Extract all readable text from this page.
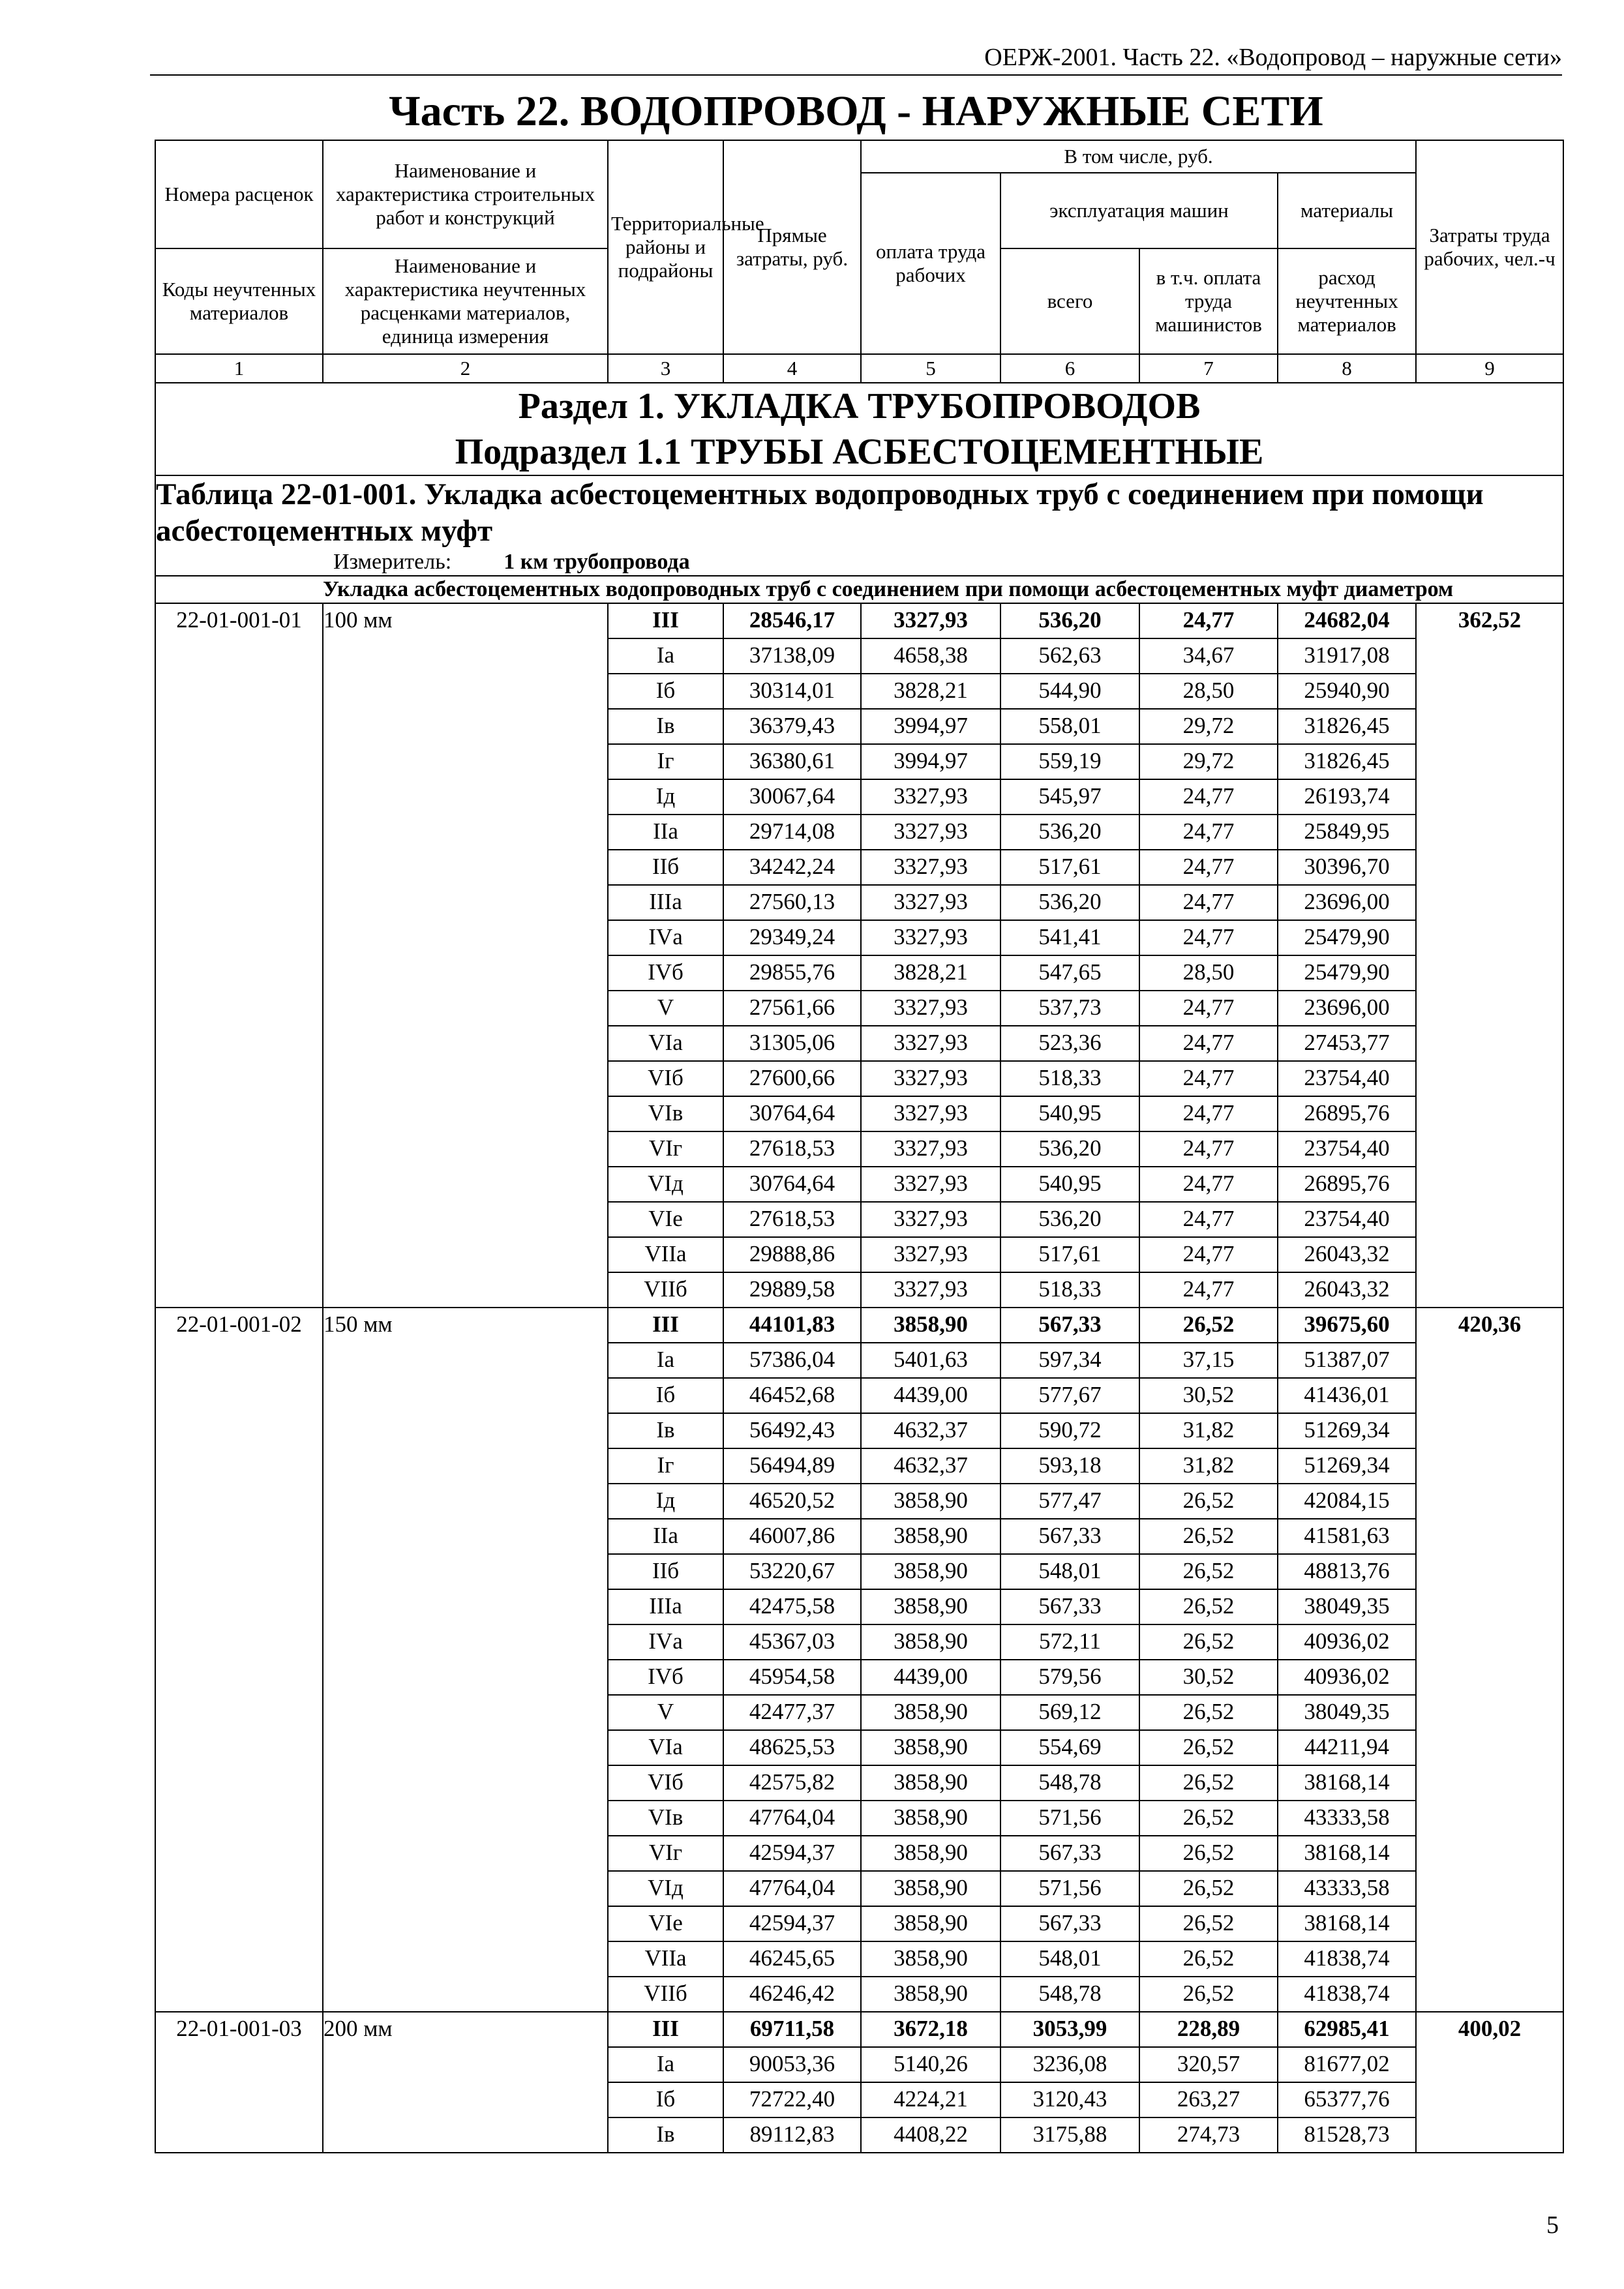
ОЕРЖ-2001. Часть 22. «Водопровод – наружные сети»
Часть 22. ВОДОПРОВОД - НАРУЖНЫЕ СЕТИ
Номера расценок	Наименование и характеристика строительных работ и конструкций	Территориальные районы и подрайоны	Прямые затраты, руб.	В том числе, руб.				Затраты труда рабочих, чел.-ч
				оплата труда рабочих	эксплуатация машин		материалы	
Коды неучтенных материалов	Наименование и характеристика неучтенных расценками материалов, единица измерения				всего	в т.ч. оплата труда машинистов	расход неучтенных материалов	
1	2	3	4	5	6	7	8	9

Раздел 1. УКЛАДКА ТРУБОПРОВОДОВ
Подраздел 1.1 ТРУБЫ АСБЕСТОЦЕМЕНТНЫЕ								

Таблица 22-01-001. Укладка асбестоцементных водопроводных труб с соединением при помощи асбестоцементных муфт
Измеритель: 1 км трубопровода								

	Укладка асбестоцементных водопроводных труб с соединением при помощи асбестоцементных муфт диаметром							
22-01-001-01	100 мм	III	28546,17	3327,93	536,20	24,77	24682,04	362,52
		Iа	37138,09	4658,38	562,63	34,67	31917,08	
		Iб	30314,01	3828,21	544,90	28,50	25940,90	
		Iв	36379,43	3994,97	558,01	29,72	31826,45	
		Iг	36380,61	3994,97	559,19	29,72	31826,45	
		Iд	30067,64	3327,93	545,97	24,77	26193,74	
		IIа	29714,08	3327,93	536,20	24,77	25849,95	
		IIб	34242,24	3327,93	517,61	24,77	30396,70	
		IIIа	27560,13	3327,93	536,20	24,77	23696,00	
		IVа	29349,24	3327,93	541,41	24,77	25479,90	
		IVб	29855,76	3828,21	547,65	28,50	25479,90	
		V	27561,66	3327,93	537,73	24,77	23696,00	
		VIа	31305,06	3327,93	523,36	24,77	27453,77	
		VIб	27600,66	3327,93	518,33	24,77	23754,40	
		VIв	30764,64	3327,93	540,95	24,77	26895,76	
		VIг	27618,53	3327,93	536,20	24,77	23754,40	
		VIд	30764,64	3327,93	540,95	24,77	26895,76	
		VIе	27618,53	3327,93	536,20	24,77	23754,40	
		VIIа	29888,86	3327,93	517,61	24,77	26043,32	
		VIIб	29889,58	3327,93	518,33	24,77	26043,32	
22-01-001-02	150 мм	III	44101,83	3858,90	567,33	26,52	39675,60	420,36
		Iа	57386,04	5401,63	597,34	37,15	51387,07	
		Iб	46452,68	4439,00	577,67	30,52	41436,01	
		Iв	56492,43	4632,37	590,72	31,82	51269,34	
		Iг	56494,89	4632,37	593,18	31,82	51269,34	
		Iд	46520,52	3858,90	577,47	26,52	42084,15	
		IIа	46007,86	3858,90	567,33	26,52	41581,63	
		IIб	53220,67	3858,90	548,01	26,52	48813,76	
		IIIа	42475,58	3858,90	567,33	26,52	38049,35	
		IVа	45367,03	3858,90	572,11	26,52	40936,02	
		IVб	45954,58	4439,00	579,56	30,52	40936,02	
		V	42477,37	3858,90	569,12	26,52	38049,35	
		VIа	48625,53	3858,90	554,69	26,52	44211,94	
		VIб	42575,82	3858,90	548,78	26,52	38168,14	
		VIв	47764,04	3858,90	571,56	26,52	43333,58	
		VIг	42594,37	3858,90	567,33	26,52	38168,14	
		VIд	47764,04	3858,90	571,56	26,52	43333,58	
		VIе	42594,37	3858,90	567,33	26,52	38168,14	
		VIIа	46245,65	3858,90	548,01	26,52	41838,74	
		VIIб	46246,42	3858,90	548,78	26,52	41838,74	
22-01-001-03	200 мм	III	69711,58	3672,18	3053,99	228,89	62985,41	400,02
		Iа	90053,36	5140,26	3236,08	320,57	81677,02	
		Iб	72722,40	4224,21	3120,43	263,27	65377,76	
		Iв	89112,83	4408,22	3175,88	274,73	81528,73	
5
